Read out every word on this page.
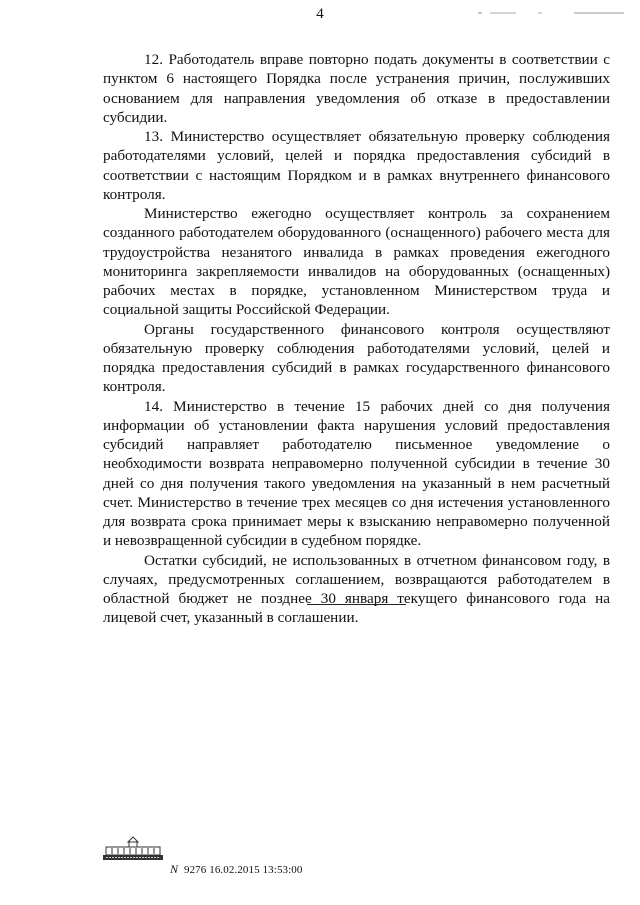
4

12. Работодатель вправе повторно подать документы в соответствии с пунктом 6 настоящего Порядка после устранения причин, послуживших основанием для направления уведомления об отказе в предоставлении субсидии.

13. Министерство осуществляет обязательную проверку соблюдения работодателями условий, целей и порядка предоставления субсидий в соответствии с настоящим Порядком и в рамках внутреннего финансового контроля.

Министерство ежегодно осуществляет контроль за сохранением созданного работодателем оборудованного (оснащенного) рабочего места для трудоустройства незанятого инвалида в рамках проведения ежегодного мониторинга закрепляемости инвалидов на оборудованных (оснащенных) рабочих местах в порядке, установленном Министерством труда и социальной защиты Российской Федерации.

Органы государственного финансового контроля осуществляют обязательную проверку соблюдения работодателями условий, целей и порядка предоставления субсидий в рамках государственного финансового контроля.

14. Министерство в течение 15 рабочих дней со дня получения информации об установлении факта нарушения условий предоставления субсидий направляет работодателю письменное уведомление о необходимости возврата неправомерно полученной субсидии в течение 30 дней со дня получения такого уведомления на указанный в нем расчетный счет. Министерство в течение трех месяцев со дня истечения установленного для возврата срока принимает меры к взысканию неправомерно полученной и невозвращенной субсидии в судебном порядке.

Остатки субсидий, не использованных в отчетном финансовом году, в случаях, предусмотренных соглашением, возвращаются работодателем в областной бюджет не позднее 30 января текущего финансового года на лицевой счет, указанный в соглашении.

N 9276 16.02.2015 13:53:00
